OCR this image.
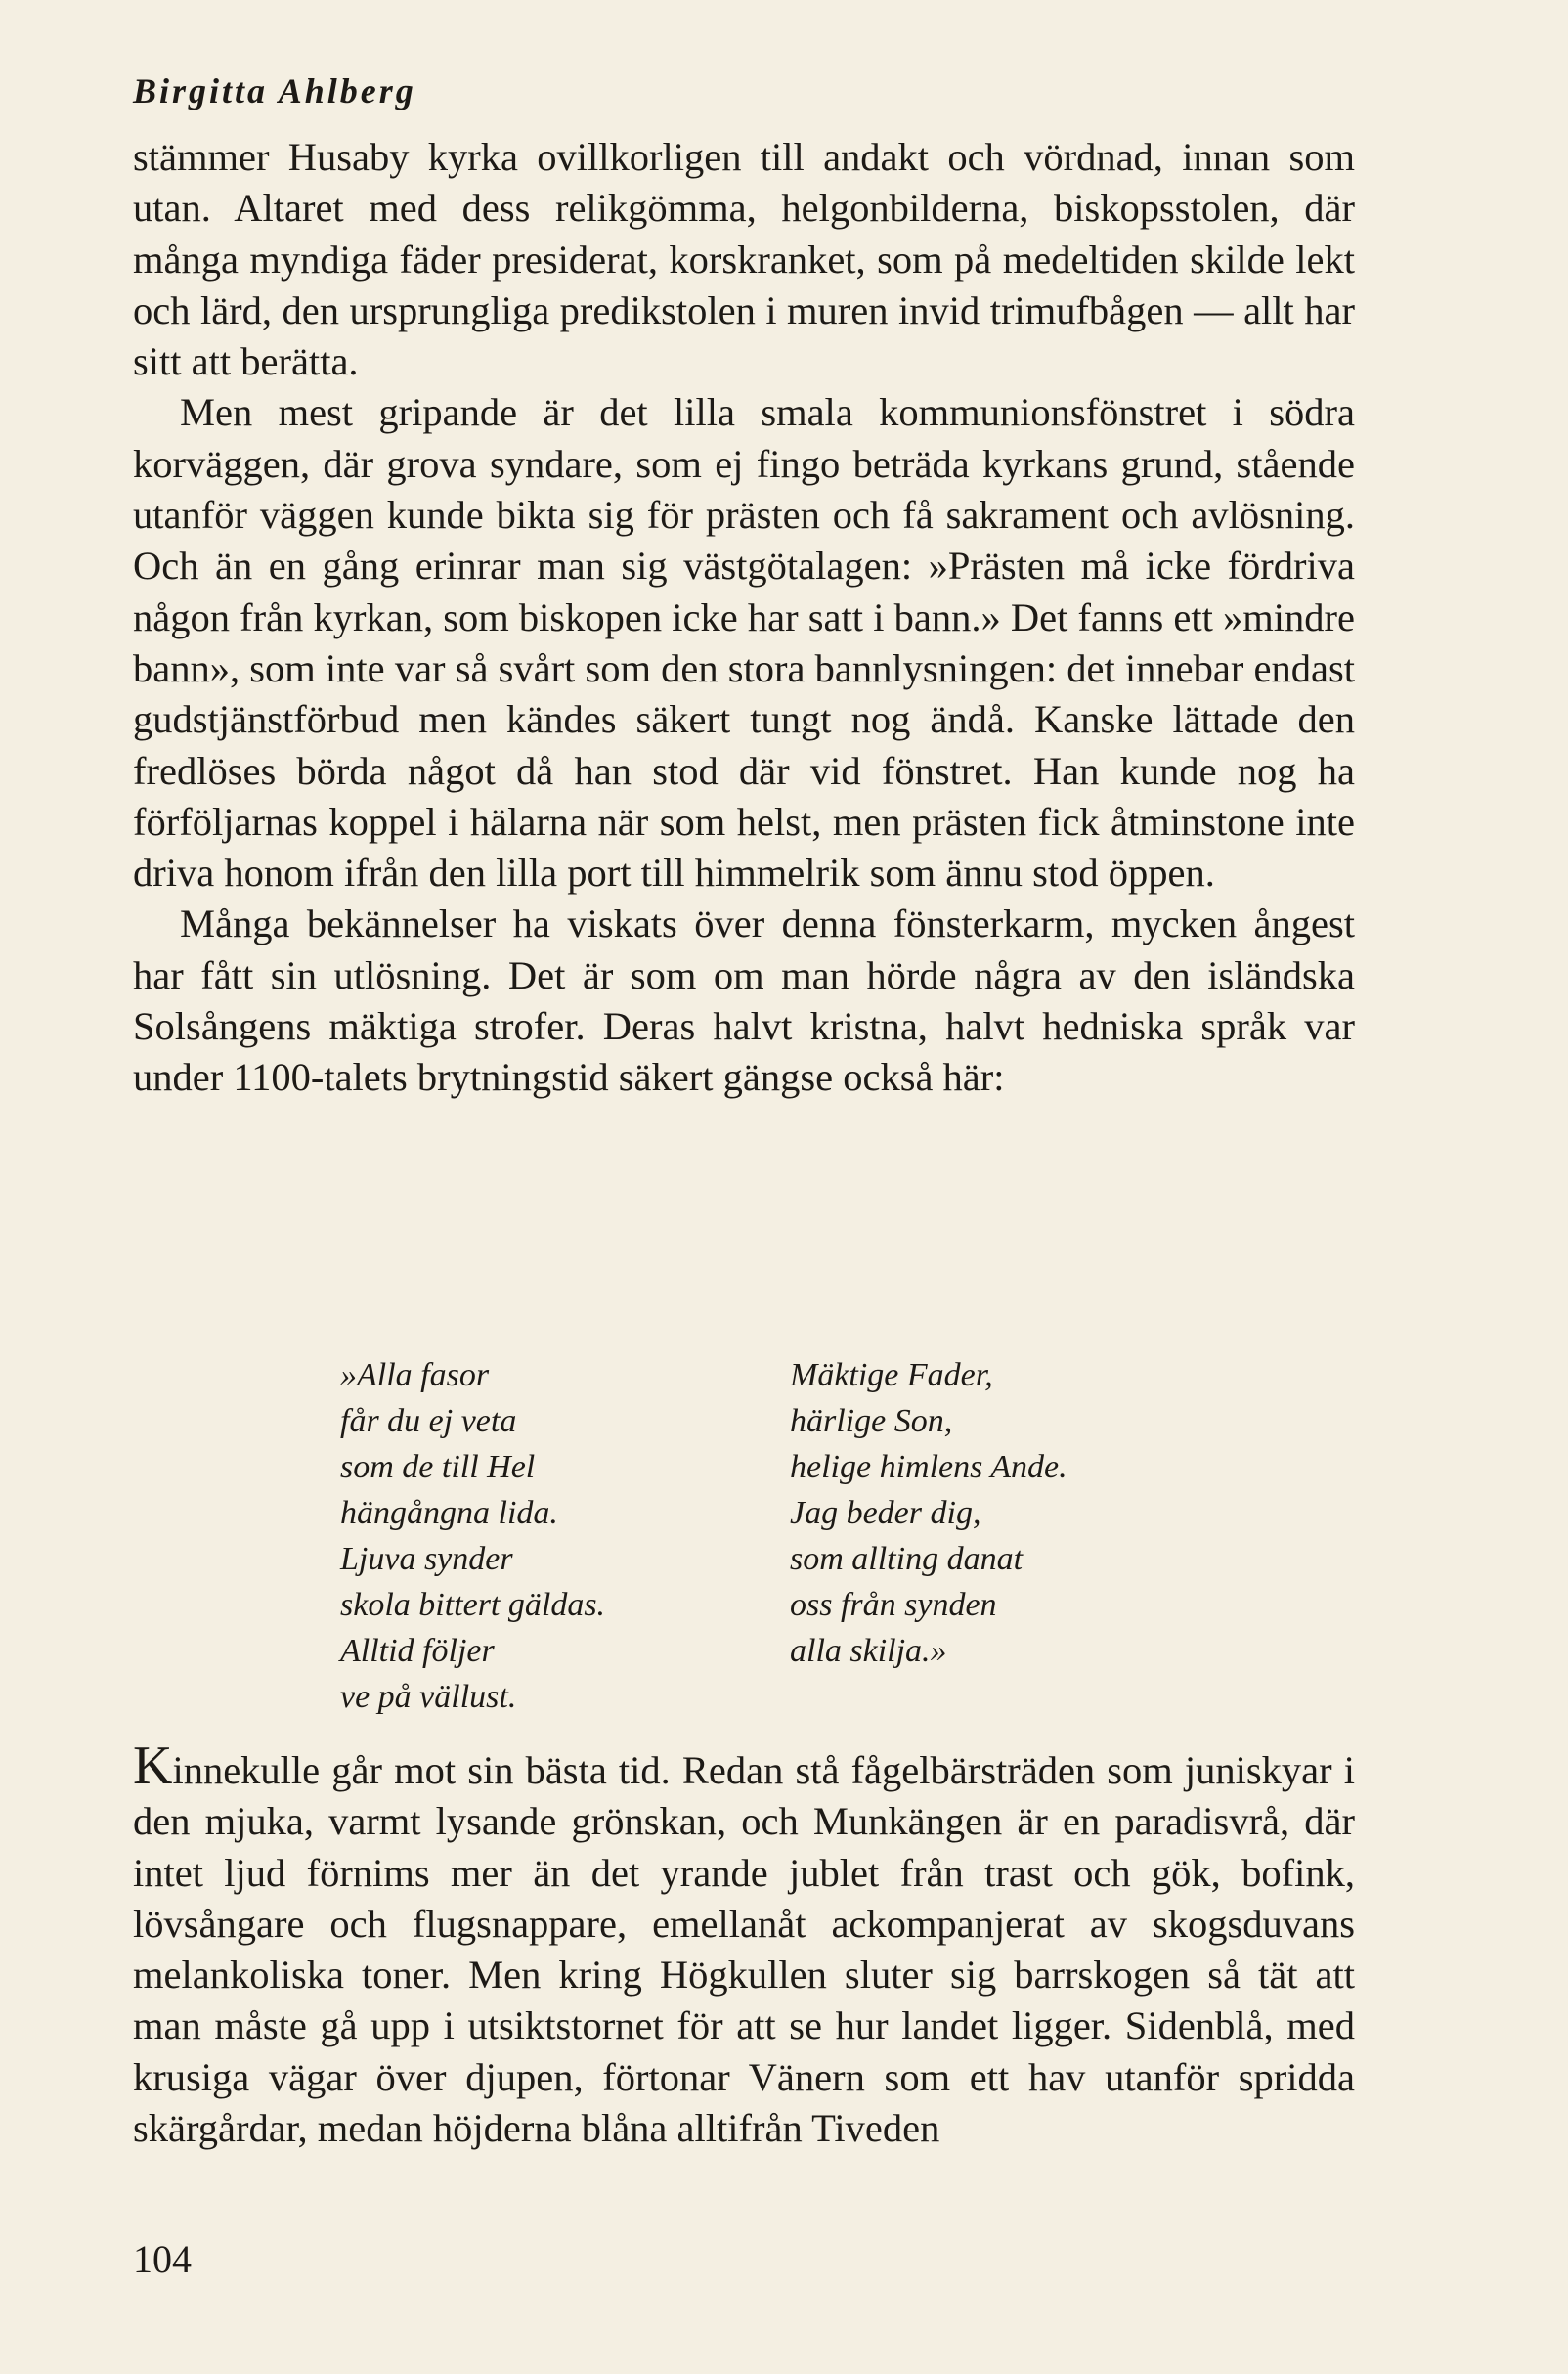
Birgitta Ahlberg

stämmer Husaby kyrka ovillkorligen till andakt och vördnad, innan som utan. Altaret med dess relikgömma, helgonbilderna, biskopsstolen, där många myndiga fäder presiderat, korskranket, som på medeltiden skilde lekt och lärd, den ursprungliga predikstolen i muren invid trimufbågen — allt har sitt att berätta.

Men mest gripande är det lilla smala kommunionsfönstret i södra korväggen, där grova syndare, som ej fingo beträda kyrkans grund, stående utanför väggen kunde bikta sig för prästen och få sakrament och avlösning. Och än en gång erinrar man sig västgötalagen: »Prästen må icke fördriva någon från kyrkan, som biskopen icke har satt i bann.» Det fanns ett »mindre bann», som inte var så svårt som den stora bannlysningen: det innebar endast gudstjänstförbud men kändes säkert tungt nog ändå. Kanske lättade den fredlöses börda något då han stod där vid fönstret. Han kunde nog ha förföljarnas koppel i hälarna när som helst, men prästen fick åtminstone inte driva honom ifrån den lilla port till himmelrik som ännu stod öppen.

Många bekännelser ha viskats över denna fönsterkarm, mycken ångest har fått sin utlösning. Det är som om man hörde några av den isländska Solsångens mäktiga strofer. Deras halvt kristna, halvt hedniska språk var under 1100-talets brytningstid säkert gängse också här:

»Alla fasor
får du ej veta
som de till Hel
hängångna lida.
Ljuva synder
skola bittert gäldas.
Alltid följer
ve på vällust.
Mäktige Fader,
härlige Son,
helige himlens Ande.
Jag beder dig,
som allting danat
oss från synden
alla skilja.»

Kinnekulle går mot sin bästa tid. Redan stå fågelbärsträden som juniskyar i den mjuka, varmt lysande grönskan, och Munkängen är en paradisvrå, där intet ljud förnims mer än det yrande jublet från trast och gök, bofink, lövsångare och flugsnappare, emellanåt ackompanjerat av skogsduvans melankoliska toner. Men kring Högkullen sluter sig barrskogen så tät att man måste gå upp i utsiktstornet för att se hur landet ligger. Sidenblå, med krusiga vägar över djupen, förtonar Vänern som ett hav utanför spridda skärgårdar, medan höjderna blåna alltifrån Tiveden

104
